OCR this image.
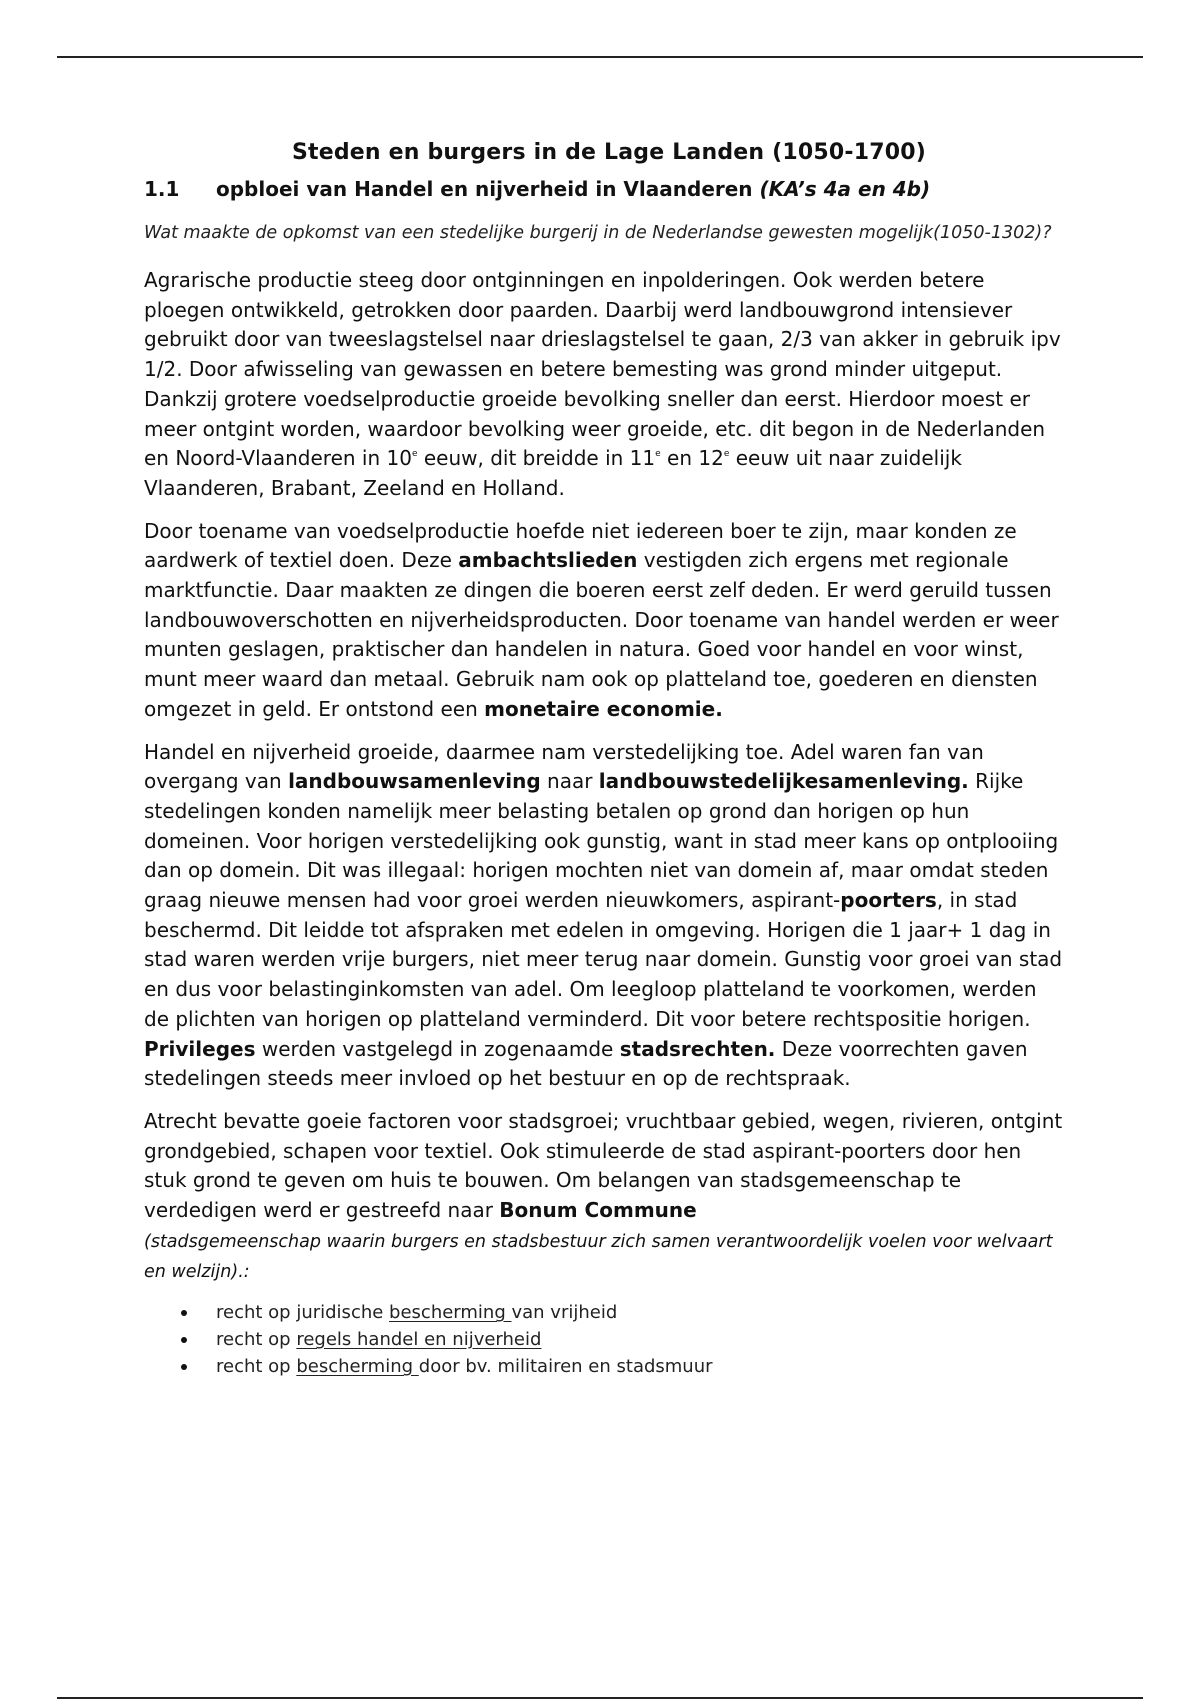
Steden en burgers in de Lage Landen (1050-1700)
1.1 opbloei van Handel en nijverheid in Vlaanderen (KA’s 4a en 4b)

Wat maakte de opkomst van een stedelijke burgerij in de Nederlandse gewesten mogelijk(1050-1302)?

Agrarische productie steeg door ontginningen en inpolderingen. Ook werden betere ploegen ontwikkeld, getrokken door paarden. Daarbij werd landbouwgrond intensiever gebruikt door van tweeslagstelsel naar drieslagstelsel te gaan, 2/3 van akker in gebruik ipv 1/2. Door afwisseling van gewassen en betere bemesting was grond minder uitgeput. Dankzij grotere voedselproductie groeide bevolking sneller dan eerst. Hierdoor moest er meer ontgint worden, waardoor bevolking weer groeide, etc. dit begon in de Nederlanden en Noord-Vlaanderen in 10e eeuw, dit breidde in 11e en 12e eeuw uit naar zuidelijk Vlaanderen, Brabant, Zeeland en Holland.

Door toename van voedselproductie hoefde niet iedereen boer te zijn, maar konden ze aardwerk of textiel doen. Deze ambachtslieden vestigden zich ergens met regionale marktfunctie. Daar maakten ze dingen die boeren eerst zelf deden. Er werd geruild tussen landbouwoverschotten en nijverheidsproducten. Door toename van handel werden er weer munten geslagen, praktischer dan handelen in natura. Goed voor handel en voor winst, munt meer waard dan metaal. Gebruik nam ook op platteland toe, goederen en diensten omgezet in geld. Er ontstond een monetaire economie.

Handel en nijverheid groeide, daarmee nam verstedelijking toe. Adel waren fan van overgang van landbouwsamenleving naar landbouwstedelijkesamenleving. Rijke stedelingen konden namelijk meer belasting betalen op grond dan horigen op hun domeinen. Voor horigen verstedelijking ook gunstig, want in stad meer kans op ontplooiing dan op domein. Dit was illegaal: horigen mochten niet van domein af, maar omdat steden graag nieuwe mensen had voor groei werden nieuwkomers, aspirant-poorters, in stad beschermd. Dit leidde tot afspraken met edelen in omgeving. Horigen die 1 jaar+ 1 dag in stad waren werden vrije burgers, niet meer terug naar domein. Gunstig voor groei van stad en dus voor belastinginkomsten van adel. Om leegloop platteland te voorkomen, werden de plichten van horigen op platteland verminderd. Dit voor betere rechtspositie horigen. Privileges werden vastgelegd in zogenaamde stadsrechten. Deze voorrechten gaven stedelingen steeds meer invloed op het bestuur en op de rechtspraak.

Atrecht bevatte goeie factoren voor stadsgroei; vruchtbaar gebied, wegen, rivieren, ontgint grondgebied, schapen voor textiel. Ook stimuleerde de stad aspirant-poorters door hen stuk grond te geven om huis te bouwen. Om belangen van stadsgemeenschap te verdedigen werd er gestreefd naar Bonum Commune
(stadsgemeenschap waarin burgers en stadsbestuur zich samen verantwoordelijk voelen voor welvaart en welzijn).:

recht op juridische bescherming van vrijheid
recht op regels handel en nijverheid
recht op bescherming door bv. militairen en stadsmuur
